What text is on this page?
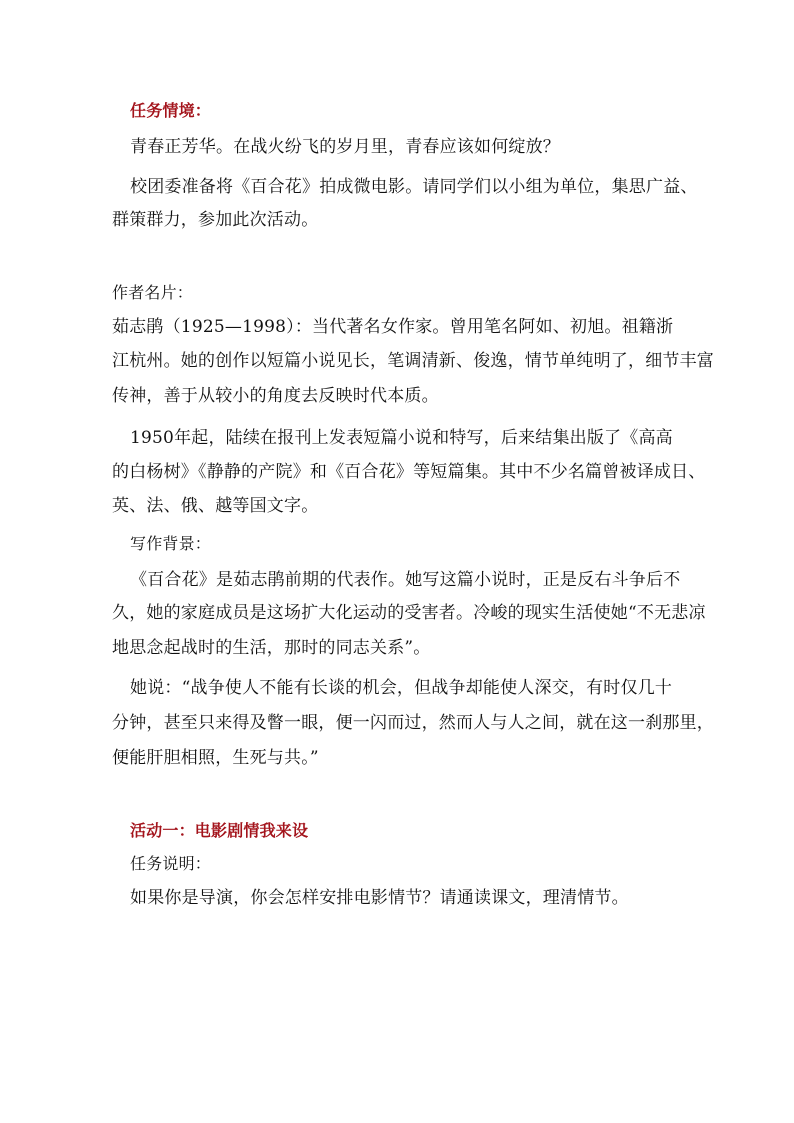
任务情境：
青春正芳华。在战火纷飞的岁月里，青春应该如何绽放？
校团委准备将《百合花》拍成微电影。请同学们以小组为单位，集思广益、
群策群力，参加此次活动。
作者名片：
茹志鹃（1925—1998）：当代著名女作家。曾用笔名阿如、初旭。祖籍浙
江杭州。她的创作以短篇小说见长，笔调清新、俊逸，情节单纯明了，细节丰富
传神，善于从较小的角度去反映时代本质。
1950年起，陆续在报刊上发表短篇小说和特写，后来结集出版了《高高
的白杨树》《静静的产院》和《百合花》等短篇集。其中不少名篇曾被译成日、
英、法、俄、越等国文字。
写作背景：
《百合花》是茹志鹃前期的代表作。她写这篇小说时，正是反右斗争后不
久，她的家庭成员是这场扩大化运动的受害者。冷峻的现实生活使她“不无悲凉
地思念起战时的生活，那时的同志关系”。
她说：“战争使人不能有长谈的机会，但战争却能使人深交，有时仅几十
分钟，甚至只来得及瞥一眼，便一闪而过，然而人与人之间，就在这一刹那里，
便能肝胆相照，生死与共。”
活动一：电影剧情我来设
任务说明：
如果你是导演，你会怎样安排电影情节？请通读课文，理清情节。
